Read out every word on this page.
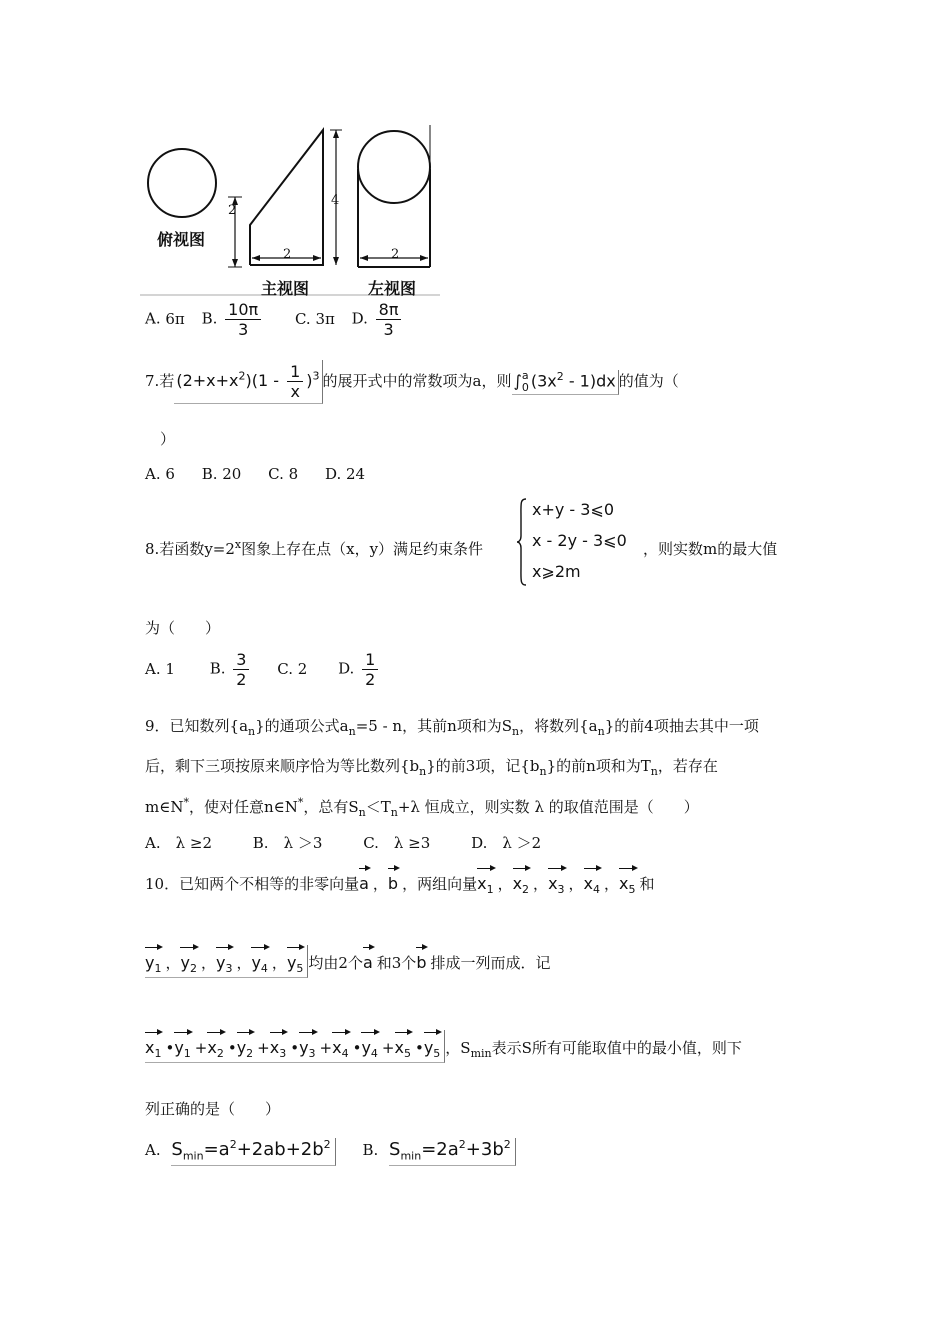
2
4
2	2
俯视图
主视图	左视图
A. 6π B. $\frac{10\pi}{3} C$. 3π D. $\frac{8\pi}{3}$
7.若 $(2+x+x^2)(1 - \frac{1}{x} )^3$ 的展开式中的常数项为a，则 ∫ a
0 $(3x^2 - 1)dx$ 的值为（
）
A. 6 B. 20 C. 8 D. 24
8.若函数$y=2^x$图象上存在点（x，y）满足约束条件
x+y - 3⩽0
x - 2y - 3⩽0
x⩾2m
，则实数m的最大值
为（　　）
A. 1 B. $\frac{3}{2} C$. 2 D. $\frac{1}{2}$
9．已知数列$\{a_n\}$的通项公式$a_n=5 - n$，其前n项和为$S_n$，将数列$\{a_n\}$的前4项抽去其中一项
后，剩下三项按原来顺序恰为等比数列$\{b_n\}$的前3项，记$\{b_n\}$的前n项和为$T_n$，若存在
m∈N*，使对任意n∈N*，总有$S_n<T_n+\lambda$ 恒成立，则实数 λ 的取值范围是（　　）
A.　λ ≥2	B.　λ ＞3	C.　λ ≥3	D.　λ ＞2
10．已知两个不相等的非零向量a ，b ，两组向量$x_1$ ，$x_2$ ，$x_3$ ，$x_4$ ，$x_5$ 和
$y_1$ ，$y_2$ ，$y_3$ ，$y_4$ ，$y_5$ 均由2个a 和3个b 排成一列而成．记
$x_1$ $•y_1 +x_2$ $•y_2 +x_3$ $•y_3 +x_4$ $•y_4 +x_5$ $•y_5$ ，$S_{min}$表示S所有可能取值中的最小值，则下
列正确的是（　　）
A. $S_{min}=a^2+2ab+2b^2$ B. $S_{min}=2a^2+3b^2$
